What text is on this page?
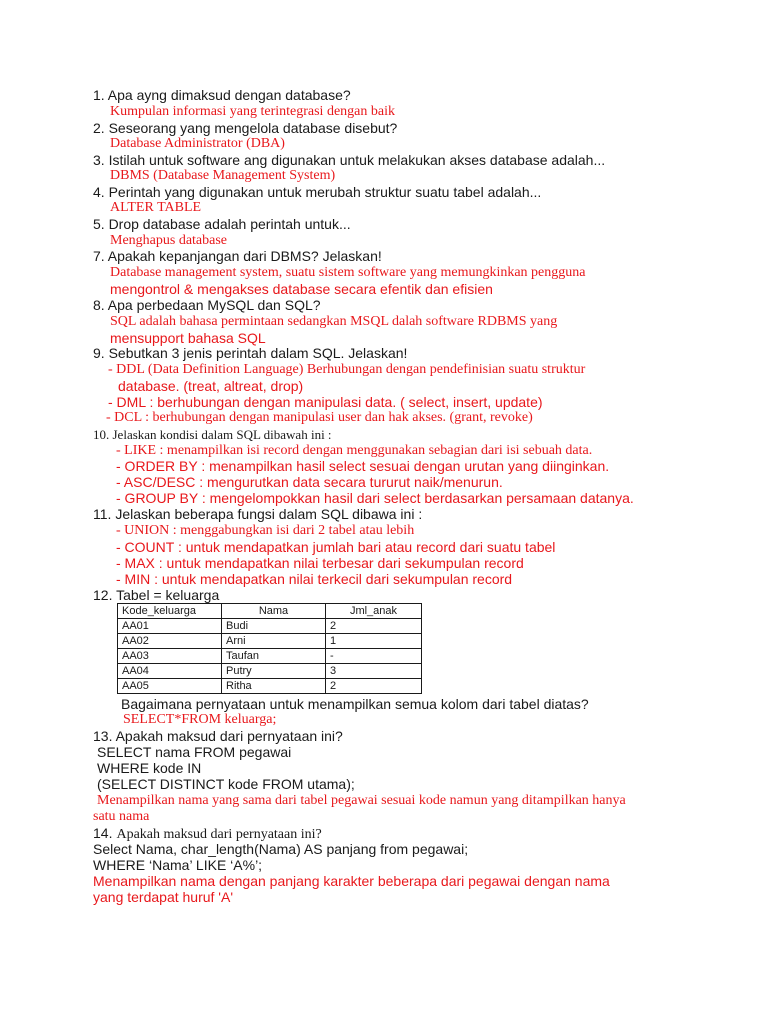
1. Apa ayng dimaksud dengan database?
Kumpulan informasi yang terintegrasi dengan baik
2. Seseorang yang mengelola database disebut?
Database Administrator (DBA)
3. Istilah untuk software ang digunakan untuk melakukan akses database adalah...
DBMS (Database Management System)
4. Perintah yang digunakan untuk merubah struktur suatu tabel adalah...
ALTER TABLE
5. Drop database adalah perintah untuk...
Menghapus database
7. Apakah kepanjangan dari DBMS? Jelaskan!
Database management system, suatu sistem software yang memungkinkan pengguna
mengontrol & mengakses database secara efentik dan efisien
8. Apa perbedaan MySQL dan SQL?
SQL adalah bahasa permintaan sedangkan MSQL dalah software RDBMS yang
mensupport bahasa SQL
9. Sebutkan 3 jenis perintah dalam SQL. Jelaskan!
- DDL (Data Definition Language) Berhubungan dengan pendefinisian suatu struktur
database. (treat, altreat, drop)
- DML : berhubungan dengan manipulasi data. ( select, insert, update)
- DCL : berhubungan dengan manipulasi user dan hak akses. (grant, revoke)
10. Jelaskan kondisi dalam SQL dibawah ini :
- LIKE : menampilkan isi record dengan menggunakan sebagian dari isi sebuah data.
- ORDER BY : menampilkan hasil select sesuai dengan urutan yang diinginkan.
- ASC/DESC : mengurutkan data secara tururut naik/menurun.
- GROUP BY : mengelompokkan hasil dari select berdasarkan persamaan datanya.
11. Jelaskan beberapa fungsi dalam SQL dibawa ini :
- UNION : menggabungkan isi dari 2 tabel atau lebih
- COUNT : untuk mendapatkan jumlah bari atau record dari suatu tabel
- MAX : untuk mendapatkan nilai terbesar dari sekumpulan record
- MIN : untuk mendapatkan nilai terkecil dari sekumpulan record
12. Tabel = keluarga
Kode_keluarga	Nama	Jml_anak
AA01	Budi	2
AA02	Arni	1
AA03	Taufan	-
AA04	Putry	3
AA05	Ritha	2
Bagaimana pernyataan untuk menampilkan semua kolom dari tabel diatas?
SELECT*FROM keluarga;
13. Apakah maksud dari pernyataan ini?
SELECT nama FROM pegawai
WHERE kode IN
(SELECT DISTINCT kode FROM utama);
Menampilkan nama yang sama dari tabel pegawai sesuai kode namun yang ditampilkan hanya
satu nama
14. Apakah maksud dari pernyataan ini?
Select Nama, char_length(Nama) AS panjang from pegawai;
WHERE ‘Nama’ LIKE ‘A%’;
Menampilkan nama dengan panjang karakter beberapa dari pegawai dengan nama
yang terdapat huruf 'A'
